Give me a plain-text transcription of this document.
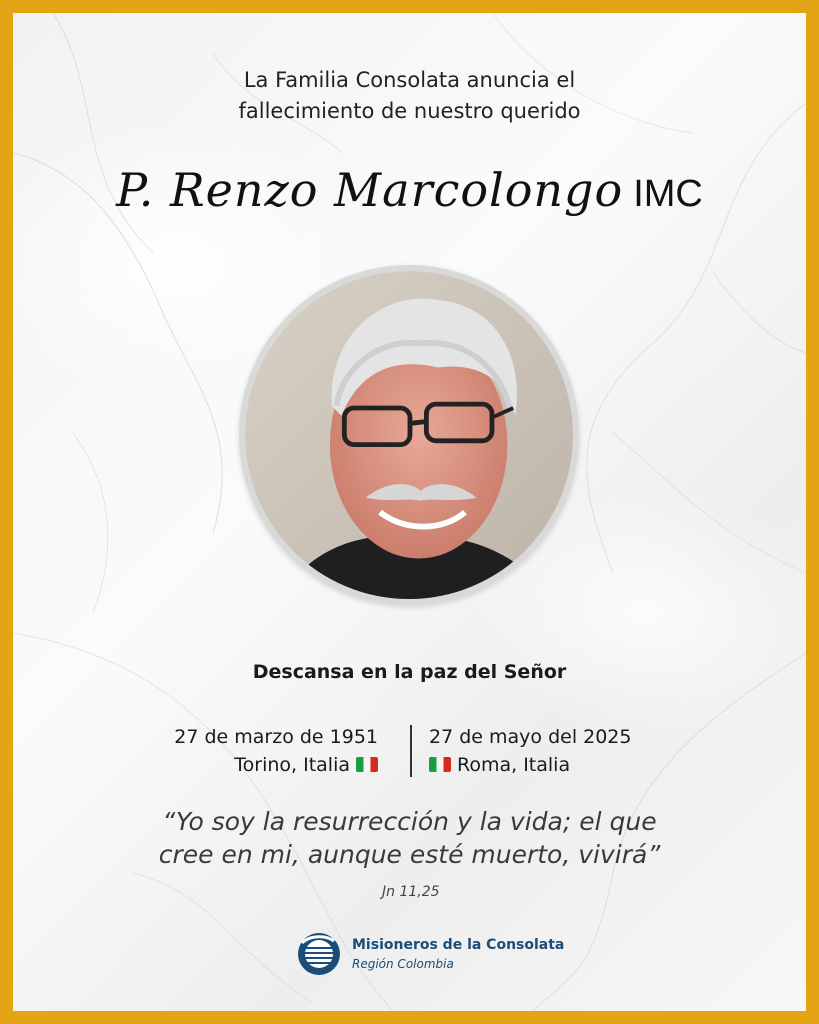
La Familia Consolata anuncia el
fallecimiento de nuestro querido
P. Renzo Marcolongo IMC
Descansa en la paz del Señor
27 de marzo de 1951
Torino, Italia
27 de mayo del 2025
Roma, Italia
“Yo soy la resurrección y la vida; el que
cree en mi, aunque esté muerto, vivirá”
Jn 11,25
Misioneros de la Consolata
Región Colombia
